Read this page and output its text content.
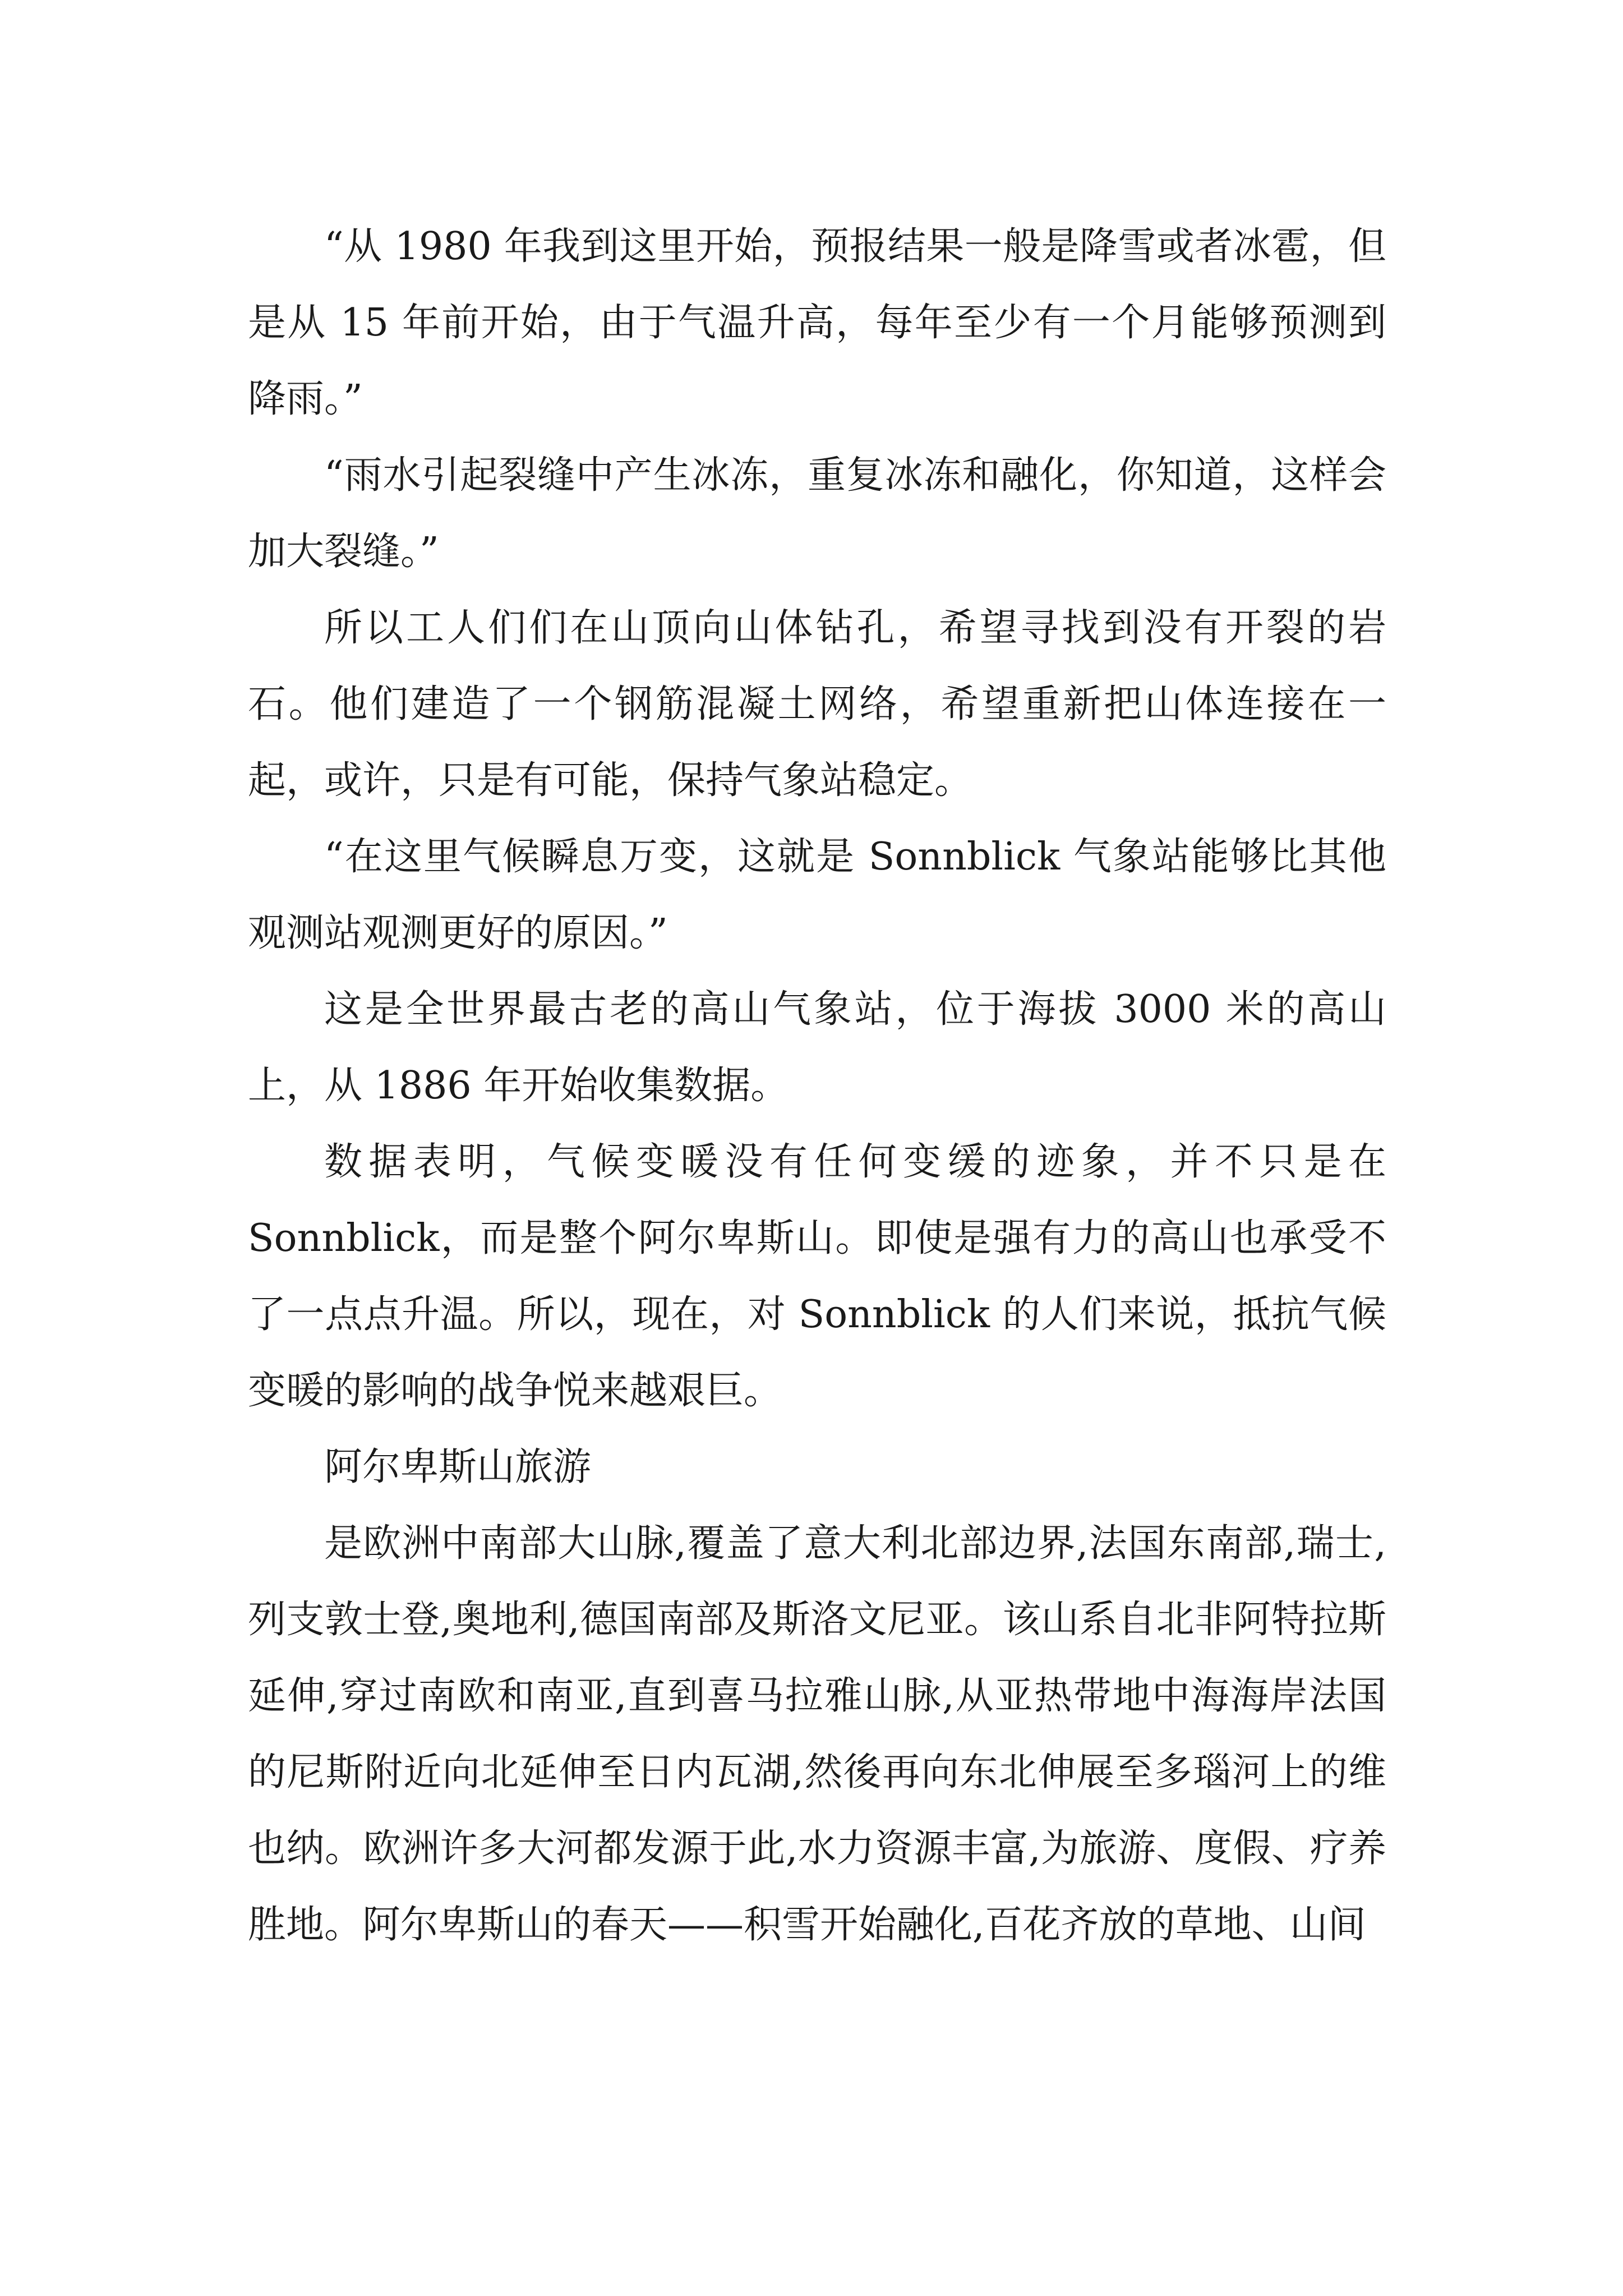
“从 1980 年我到这里开始，预报结果一般是降雪或者冰雹，但是从 15 年前开始，由于气温升高，每年至少有一个月能够预测到降雨。”

“雨水引起裂缝中产生冰冻，重复冰冻和融化，你知道，这样会加大裂缝。”

所以工人们们在山顶向山体钻孔，希望寻找到没有开裂的岩石。他们建造了一个钢筋混凝土网络，希望重新把山体连接在一起，或许，只是有可能，保持气象站稳定。

“在这里气候瞬息万变，这就是 Sonnblick 气象站能够比其他观测站观测更好的原因。”

这是全世界最古老的高山气象站，位于海拔 3000 米的高山上，从 1886 年开始收集数据。

数据表明，气候变暖没有任何变缓的迹象，并不只是在 Sonnblick，而是整个阿尔卑斯山。即使是强有力的高山也承受不了一点点升温。所以，现在，对 Sonnblick 的人们来说，抵抗气候变暖的影响的战争悦来越艰巨。

阿尔卑斯山旅游

是欧洲中南部大山脉,覆盖了意大利北部边界,法国东南部,瑞士,列支敦士登,奥地利,德国南部及斯洛文尼亚。该山系自北非阿特拉斯延伸,穿过南欧和南亚,直到喜马拉雅山脉,从亚热带地中海海岸法国的尼斯附近向北延伸至日内瓦湖,然後再向东北伸展至多瑙河上的维也纳。欧洲许多大河都发源于此,水力资源丰富,为旅游、度假、疗养胜地。阿尔卑斯山的春天——积雪开始融化,百花齐放的草地、山间
